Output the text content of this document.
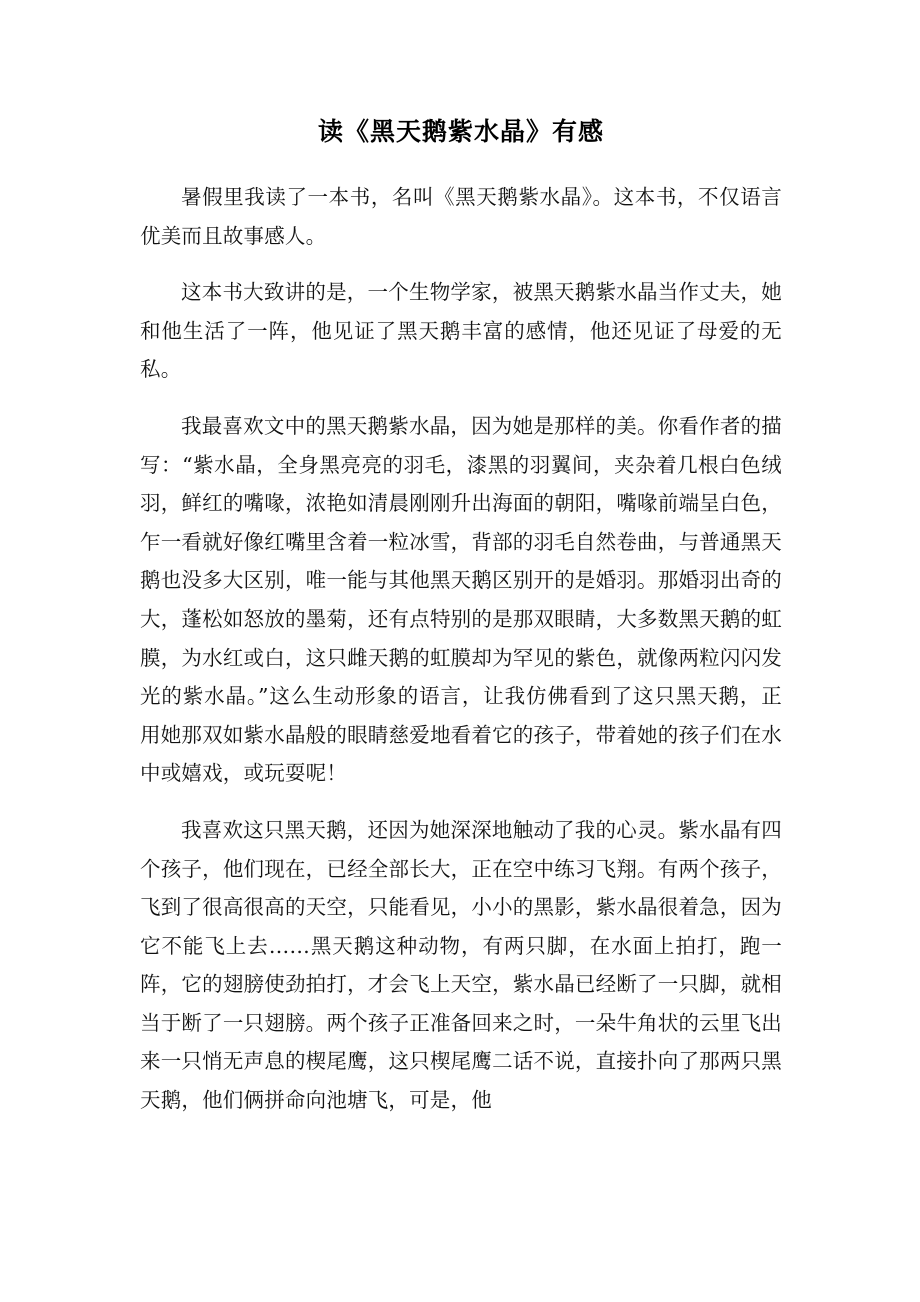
读《黑天鹅紫水晶》有感

暑假里我读了一本书，名叫《黑天鹅紫水晶》。这本书，不仅语言优美而且故事感人。

这本书大致讲的是，一个生物学家，被黑天鹅紫水晶当作丈夫，她和他生活了一阵，他见证了黑天鹅丰富的感情，他还见证了母爱的无私。

我最喜欢文中的黑天鹅紫水晶，因为她是那样的美。你看作者的描写：“紫水晶，全身黑亮亮的羽毛，漆黑的羽翼间，夹杂着几根白色绒羽，鲜红的嘴喙，浓艳如清晨刚刚升出海面的朝阳，嘴喙前端呈白色，乍一看就好像红嘴里含着一粒冰雪，背部的羽毛自然卷曲，与普通黑天鹅也没多大区别，唯一能与其他黑天鹅区别开的是婚羽。那婚羽出奇的大，蓬松如怒放的墨菊，还有点特别的是那双眼睛，大多数黑天鹅的虹膜，为水红或白，这只雌天鹅的虹膜却为罕见的紫色，就像两粒闪闪发光的紫水晶。”这么生动形象的语言，让我仿佛看到了这只黑天鹅，正用她那双如紫水晶般的眼睛慈爱地看着它的孩子，带着她的孩子们在水中或嬉戏，或玩耍呢！

我喜欢这只黑天鹅，还因为她深深地触动了我的心灵。紫水晶有四个孩子，他们现在，已经全部长大，正在空中练习飞翔。有两个孩子，飞到了很高很高的天空，只能看见，小小的黑影，紫水晶很着急，因为它不能飞上去……黑天鹅这种动物，有两只脚，在水面上拍打，跑一阵，它的翅膀使劲拍打，才会飞上天空，紫水晶已经断了一只脚，就相当于断了一只翅膀。两个孩子正准备回来之时，一朵牛角状的云里飞出来一只悄无声息的楔尾鹰，这只楔尾鹰二话不说，直接扑向了那两只黑天鹅，他们俩拼命向池塘飞，可是，他
